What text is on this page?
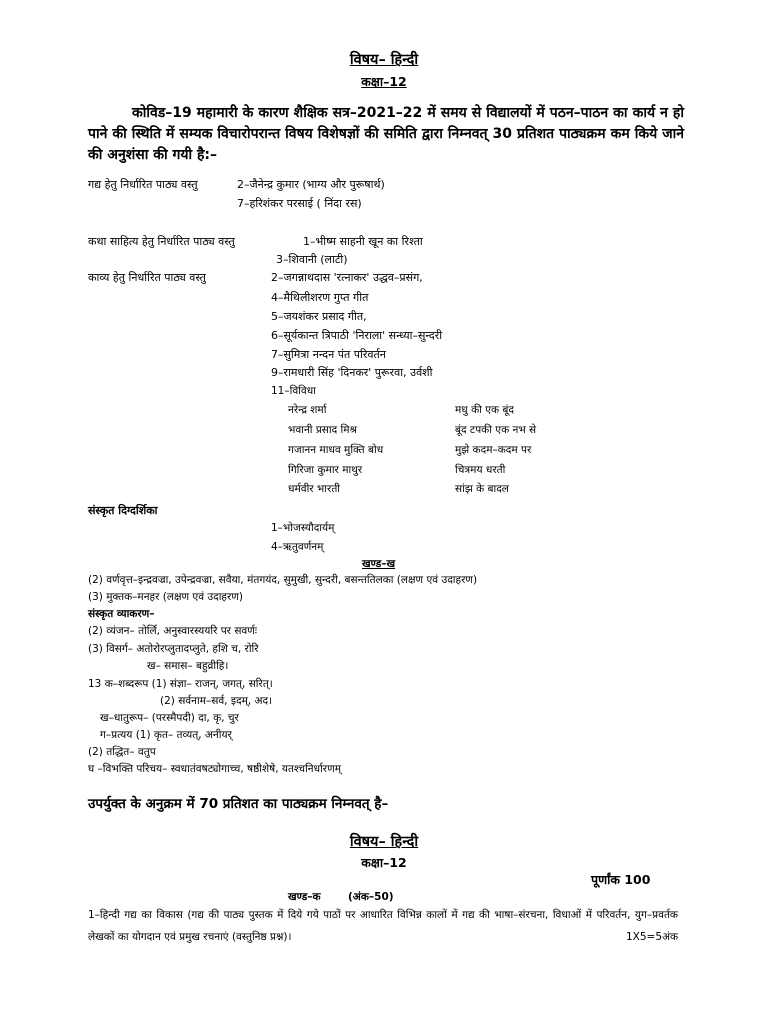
विषय– हिन्दी
कक्षा–12
कोविड–19 महामारी के कारण शैक्षिक सत्र–2021–22 में समय से विद्यालयों में पठन–पाठन का कार्य न हो पाने की स्थिति में सम्यक विचारोपरान्त विषय विशेषज्ञों की समिति द्वारा निम्नवत् 30 प्रतिशत पाठ्यक्रम कम किये जाने की अनुशंसा की गयी है:–
गद्य हेतु निर्धारित पाठ्य वस्तु	2–जैनेन्द्र कुमार (भाग्य और पुरूषार्थ)
7–हरिशंकर परसाई ( निंदा रस)
कथा साहित्य हेतु निर्धारित पाठ्य वस्तु	1–भीष्म साहनी खून का रिश्ता
3–शिवानी (लाटी)
काव्य हेतु निर्धारित पाठ्य वस्तु	2–जगन्नाथदास 'रत्नाकर' उद्धव–प्रसंग,
4–मैथिलीशरण गुप्त गीत
5–जयशंकर प्रसाद गीत,
6–सूर्यकान्त त्रिपाठी 'निराला' सन्ध्या–सुन्दरी
7–सुमित्रा नन्दन पंत परिवर्तन
9–रामधारी सिंह 'दिनकर' पुरूरवा, उर्वशी
11–विविधा
नरेन्द्र शर्मा	मधु की एक बूंद
भवानी प्रसाद मिश्र	बूंद टपकी एक नभ से
गजानन माधव मुक्ति बोध	मुझे कदम–कदम पर
गिरिजा कुमार माथुर	चित्रमय धरती
धर्मवीर भारती	सांझ के बादल
संस्कृत दिग्दर्शिका
1–भोजस्यौदार्यम्
4–ऋतुवर्णनम्
खण्ड–ख
(2) वर्णवृत्त–इन्द्रवज्रा, उपेन्द्रवज्रा, सवैया, मंतगयंद, सुमुखी, सुन्दरी, बसन्ततिलका (लक्षण एवं उदाहरण)
(3) मुक्तक–मनहर (लक्षण एवं उदाहरण)
संस्कृत व्याकरण–
(2) व्यंजन– तोर्लि, अनुस्वारस्ययरि पर सवर्णः
(3) विसर्ग– अतोरोरप्लुतादप्लुते, हशि च, रोरि
ख– समास– बहुव्रीहि।
13 क–शब्दरूप (1) संज्ञा– राजन्, जगत्, सरित्।
(2) सर्वनाम–सर्व, इदम्, अद।
ख–धातुरूप– (परस्मैपदी) दा, कृ, चुर
ग–प्रत्यय (1) कृत– तव्यत्, अनीयर्
(2) तद्धित– वतुप
घ –विभक्ति परिचय– स्वधातंवषट्योगाच्च, षष्ठीशेषे, यतश्चनिर्धारणम्
उपर्युक्त के अनुक्रम में 70 प्रतिशत का पाठ्यक्रम निम्नवत् है–
विषय– हिन्दी
कक्षा–12
पूर्णांक 100
खण्ड–क	(अंक–50)
1–हिन्दी गद्य का विकास (गद्य की पाठ्य पुस्तक में दिये गये पाठों पर आधारित विभिन्न कालों में गद्य की भाषा–संरचना, विधाओं में परिवर्तन, युग–प्रवर्तक लेखकों का योगदान एवं प्रमुख रचनाएं (वस्तुनिष्ठ प्रश्न)।	1X5=5अंक
